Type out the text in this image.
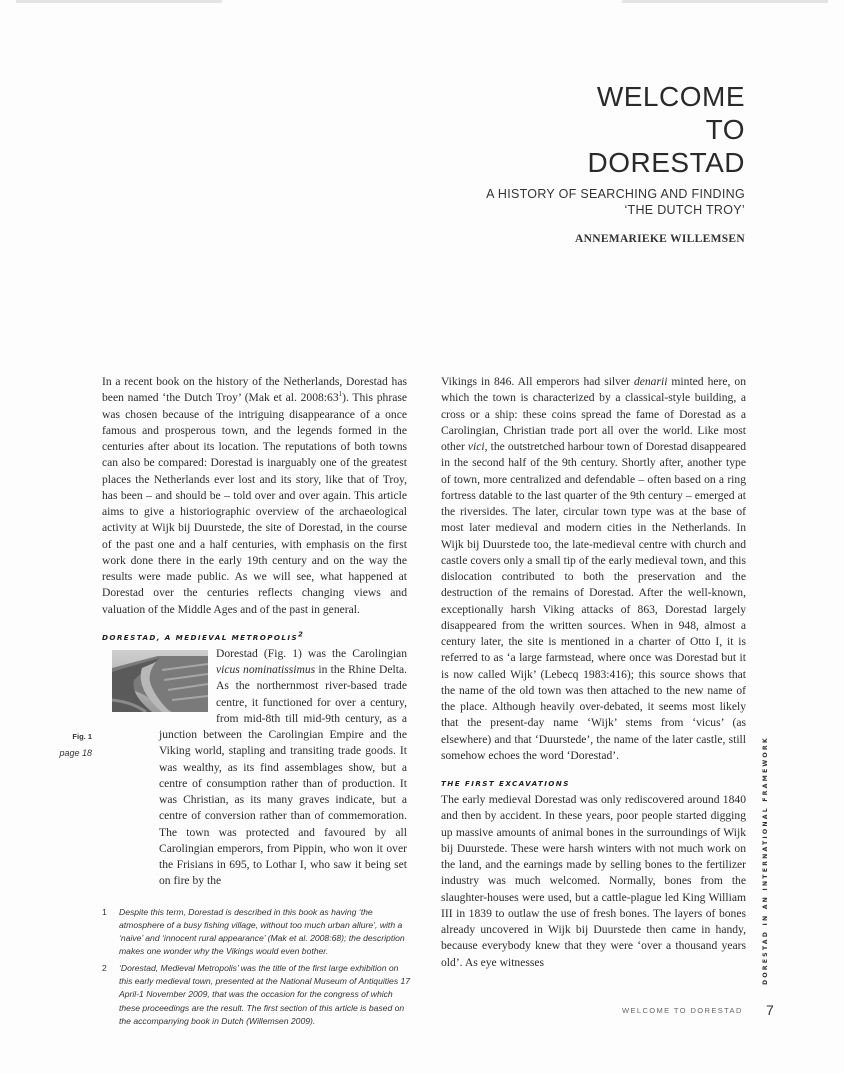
WELCOME
TO
DORESTAD
A HISTORY OF SEARCHING AND FINDING
‘THE DUTCH TROY’
ANNEMARIEKE WILLEMSEN

In a recent book on the history of the Netherlands, Dorestad has been named ‘the Dutch Troy’ (Mak et al. $2008:63^1$). This phrase was chosen because of the intriguing disappearance of a once famous and prosperous town, and the legends formed in the centuries after about its location. The reputations of both towns can also be compared: Dorestad is inarguably one of the greatest places the Netherlands ever lost and its story, like that of Troy, has been – and should be – told over and over again. This article aims to give a historiographic overview of the archaeological activity at Wijk bij Duurstede, the site of Dorestad, in the course of the past one and a half centuries, with emphasis on the first work done there in the early 19th century and on the way the results were made public. As we will see, what happened at Dorestad over the centuries reflects changing views and valuation of the Middle Ages and of the past in general.

DORESTAD, A MEDIEVAL METROPOLIS$^2$
Fig. 1
page 18

Dorestad (Fig. 1) was the Carolingian vicus nominatissimus in the Rhine Delta. As the northernmost river-based trade centre, it functioned for over a century, from mid-8th till mid-9th century, as a junction between the Carolingian Empire and the Viking world, stapling and transiting trade goods. It was wealthy, as its find assemblages show, but a centre of consumption rather than of production. It was Christian, as its many graves indicate, but a centre of conversion rather than of commemoration. The town was protected and favoured by all Carolingian emperors, from Pippin, who won it over the Frisians in 695, to Lothar I, who saw it being set on fire by the

1	Despite this term, Dorestad is described in this book as having ‘the atmosphere of a busy fishing village, without too much urban allure’, with a ‘naive’ and ‘innocent rural appearance’ (Mak et al. 2008:68); the description makes one wonder why the Vikings would even bother.
2	‘Dorestad, Medieval Metropolis’ was the title of the first large exhibition on this early medieval town, presented at the National Museum of Antiquities 17 April-1 November 2009, that was the occasion for the congress of which these proceedings are the result. The first section of this article is based on the accompanying book in Dutch (Willemsen 2009).

Vikings in 846. All emperors had silver denarii minted here, on which the town is characterized by a classical-style building, a cross or a ship: these coins spread the fame of Dorestad as a Carolingian, Christian trade port all over the world. Like most other vici, the outstretched harbour town of Dorestad disappeared in the second half of the 9th century. Shortly after, another type of town, more centralized and defendable – often based on a ring fortress datable to the last quarter of the 9th century – emerged at the riversides. The later, circular town type was at the base of most later medieval and modern cities in the Netherlands. In Wijk bij Duurstede too, the late-medieval centre with church and castle covers only a small tip of the early medieval town, and this dislocation contributed to both the preservation and the destruction of the remains of Dorestad. After the well-known, exceptionally harsh Viking attacks of 863, Dorestad largely disappeared from the written sources. When in 948, almost a century later, the site is mentioned in a charter of Otto I, it is referred to as ‘a large farmstead, where once was Dorestad but it is now called Wijk’ (Lebecq 1983:416); this source shows that the name of the old town was then attached to the new name of the place. Although heavily over-debated, it seems most likely that the present-day name ‘Wijk’ stems from ‘vicus’ (as elsewhere) and that ‘Duurstede’, the name of the later castle, still somehow echoes the word ‘Dorestad’.

THE FIRST EXCAVATIONS

The early medieval Dorestad was only rediscovered around 1840 and then by accident. In these years, poor people started digging up massive amounts of animal bones in the surroundings of Wijk bij Duurstede. These were harsh winters with not much work on the land, and the earnings made by selling bones to the fertilizer industry was much welcomed. Normally, bones from the slaughter-houses were used, but a cattle-plague led King William III in 1839 to outlaw the use of fresh bones. The layers of bones already uncovered in Wijk bij Duurstede then came in handy, because everybody knew that they were ‘over a thousand years old’. As eye witnesses

WELCOME TO DORESTAD 7
DORESTAD IN AN INTERNATIONAL FRAMEWORK
